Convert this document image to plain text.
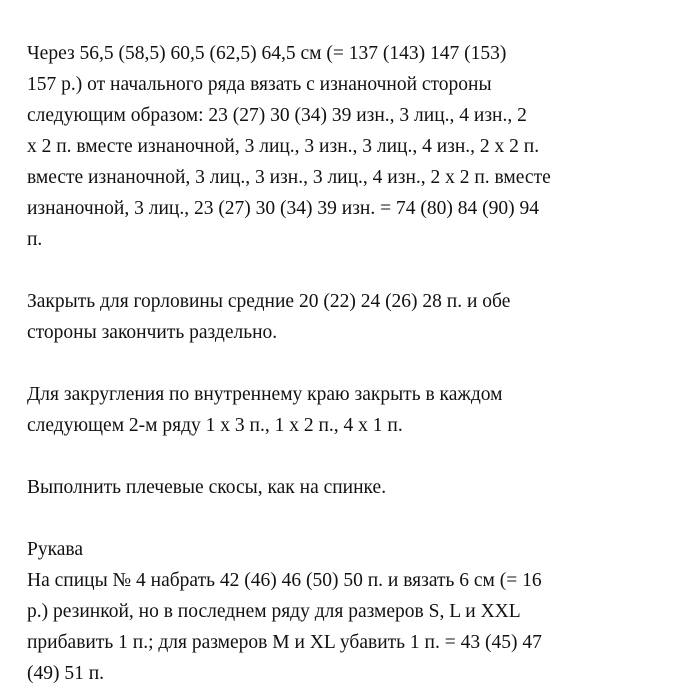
Через 56,5 (58,5) 60,5 (62,5) 64,5 см (= 137 (143) 147 (153)
157 р.) от начального ряда вязать с изнаночной стороны
следующим образом: 23 (27) 30 (34) 39 изн., 3 лиц., 4 изн., 2
х 2 п. вместе изнаночной, 3 лиц., 3 изн., 3 лиц., 4 изн., 2 х 2 п.
вместе изнаночной, 3 лиц., 3 изн., 3 лиц., 4 изн., 2 х 2 п. вместе
изнаночной, 3 лиц., 23 (27) 30 (34) 39 изн. = 74 (80) 84 (90) 94
п.
Закрыть для горловины средние 20 (22) 24 (26) 28 п. и обе
стороны закончить раздельно.
Для закругления по внутреннему краю закрыть в каждом
следующем 2-м ряду 1 х 3 п., 1 х 2 п., 4 х 1 п.
Выполнить плечевые скосы, как на спинке.
Рукава
На спицы № 4 набрать 42 (46) 46 (50) 50 п. и вязать 6 см (= 16
р.) резинкой, но в последнем ряду для размеров S, L и XXL
прибавить 1 п.; для размеров M и XL убавить 1 п. = 43 (45) 47
(49) 51 п.
